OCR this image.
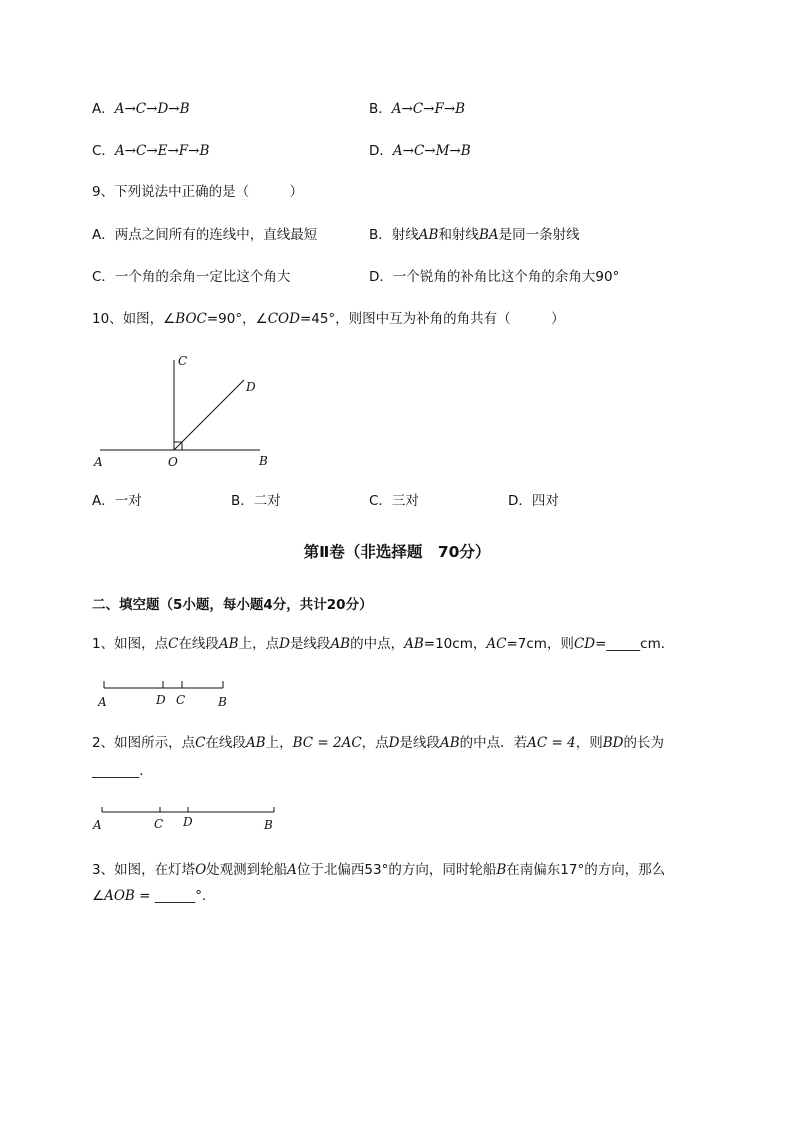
A．A→C→D→B	B．A→C→F→B
C．A→C→E→F→B	D．A→C→M→B
9、下列说法中正确的是（　　　）
A．两点之间所有的连线中，直线最短	B．射线AB和射线BA是同一条射线
C．一个角的余角一定比这个角大	D．一个锐角的补角比这个角的余角大90°
10、如图，∠BOC=90°，∠COD=45°，则图中互为补角的角共有（　　　）
A	O	B
C
D
A．一对	B．二对	C．三对	D．四对
第Ⅱ卷（非选择题　70分）
二、填空题（5小题，每小题4分，共计20分）
1、如图，点C在线段AB上，点D是线段AB的中点，AB=10cm，AC=7cm，则CD=_____cm．
A	D C	B
2、如图所示，点C在线段AB上，BC = 2AC，点D是线段AB的中点．若AC = 4，则BD的长为
_______.
A	C D	B
3、如图，在灯塔O处观测到轮船A位于北偏西53°的方向，同时轮船B在南偏东17°的方向，那么
∠AOB = ______°．
